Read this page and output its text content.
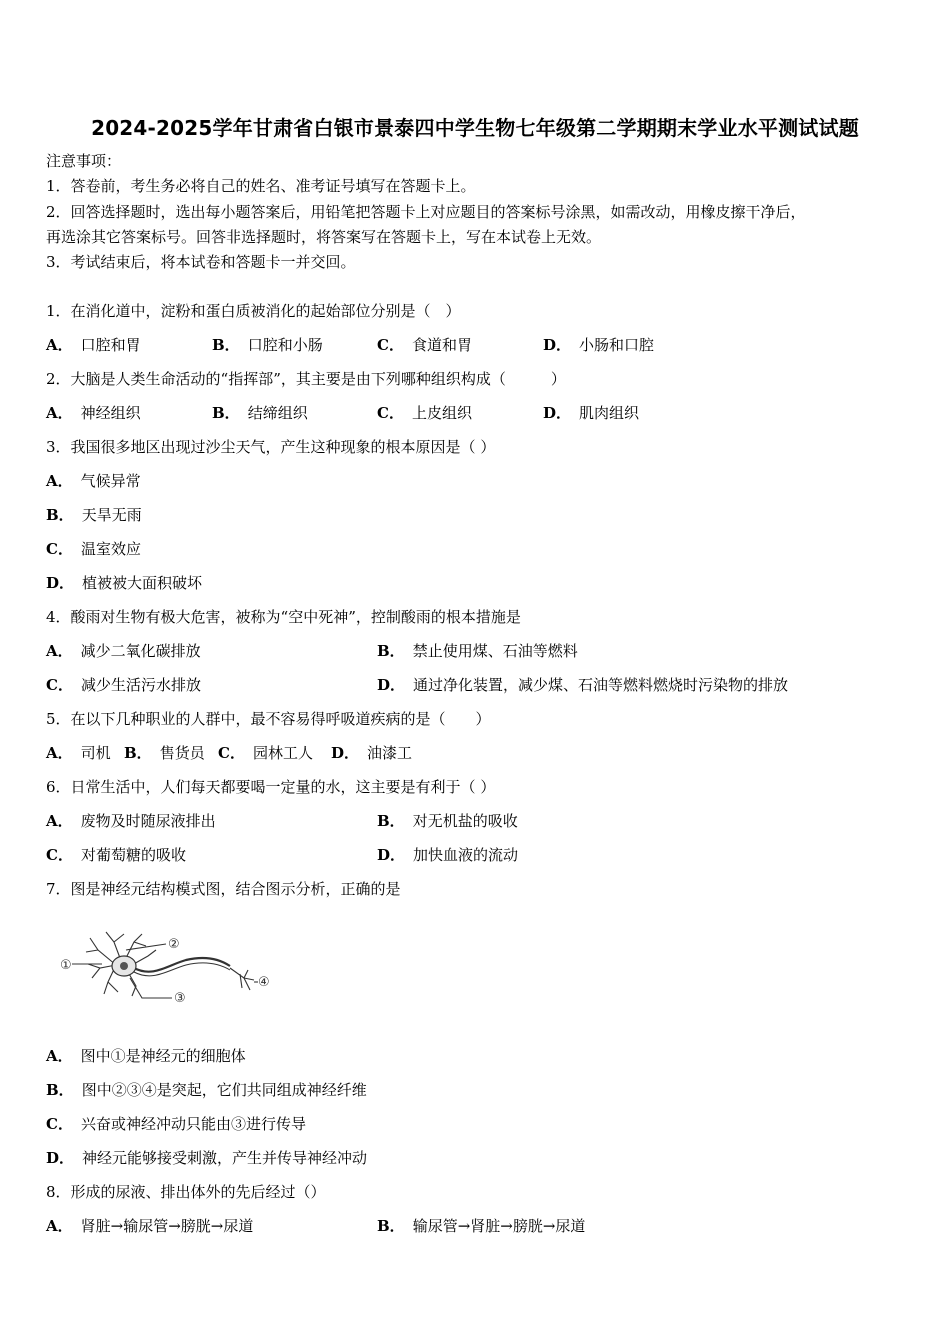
2024-2025学年甘肃省白银市景泰四中学生物七年级第二学期期末学业水平测试试题
注意事项：
1．答卷前，考生务必将自己的姓名、准考证号填写在答题卡上。
2．回答选择题时，选出每小题答案后，用铅笔把答题卡上对应题目的答案标号涂黑，如需改动，用橡皮擦干净后，
再选涂其它答案标号。回答非选择题时，将答案写在答题卡上，写在本试卷上无效。
3．考试结束后，将本试卷和答题卡一并交回。
1．在消化道中，淀粉和蛋白质被消化的起始部位分别是（　）
A． 口腔和胃	B． 口腔和小肠	C． 食道和胃	D． 小肠和口腔
2．大脑是人类生命活动的“指挥部”，其主要是由下列哪种组织构成（　　　）
A． 神经组织	B． 结缔组织	C． 上皮组织	D． 肌肉组织
3．我国很多地区出现过沙尘天气，产生这种现象的根本原因是（ ）
A． 气候异常
B． 天旱无雨
C． 温室效应
D． 植被被大面积破坏
4．酸雨对生物有极大危害，被称为“空中死神”，控制酸雨的根本措施是
A． 减少二氧化碳排放	B． 禁止使用煤、石油等燃料
C． 减少生活污水排放	D． 通过净化装置，减少煤、石油等燃料燃烧时污染物的排放
5．在以下几种职业的人群中，最不容易得呼吸道疾病的是（　　）
A． 司机 B． 售货员 C． 园林工人 D． 油漆工
6．日常生活中，人们每天都要喝一定量的水，这主要是有利于（ ）
A． 废物及时随尿液排出	B． 对无机盐的吸收
C． 对葡萄糖的吸收	D． 加快血液的流动
7．图是神经元结构模式图，结合图示分析，正确的是
①
②
③
④
A． 图中①是神经元的细胞体
B． 图中②③④是突起，它们共同组成神经纤维
C． 兴奋或神经冲动只能由③进行传导
D． 神经元能够接受刺激，产生并传导神经冲动
8．形成的尿液、排出体外的先后经过（）
A． 肾脏→输尿管→膀胱→尿道	B． 输尿管→肾脏→膀胱→尿道
